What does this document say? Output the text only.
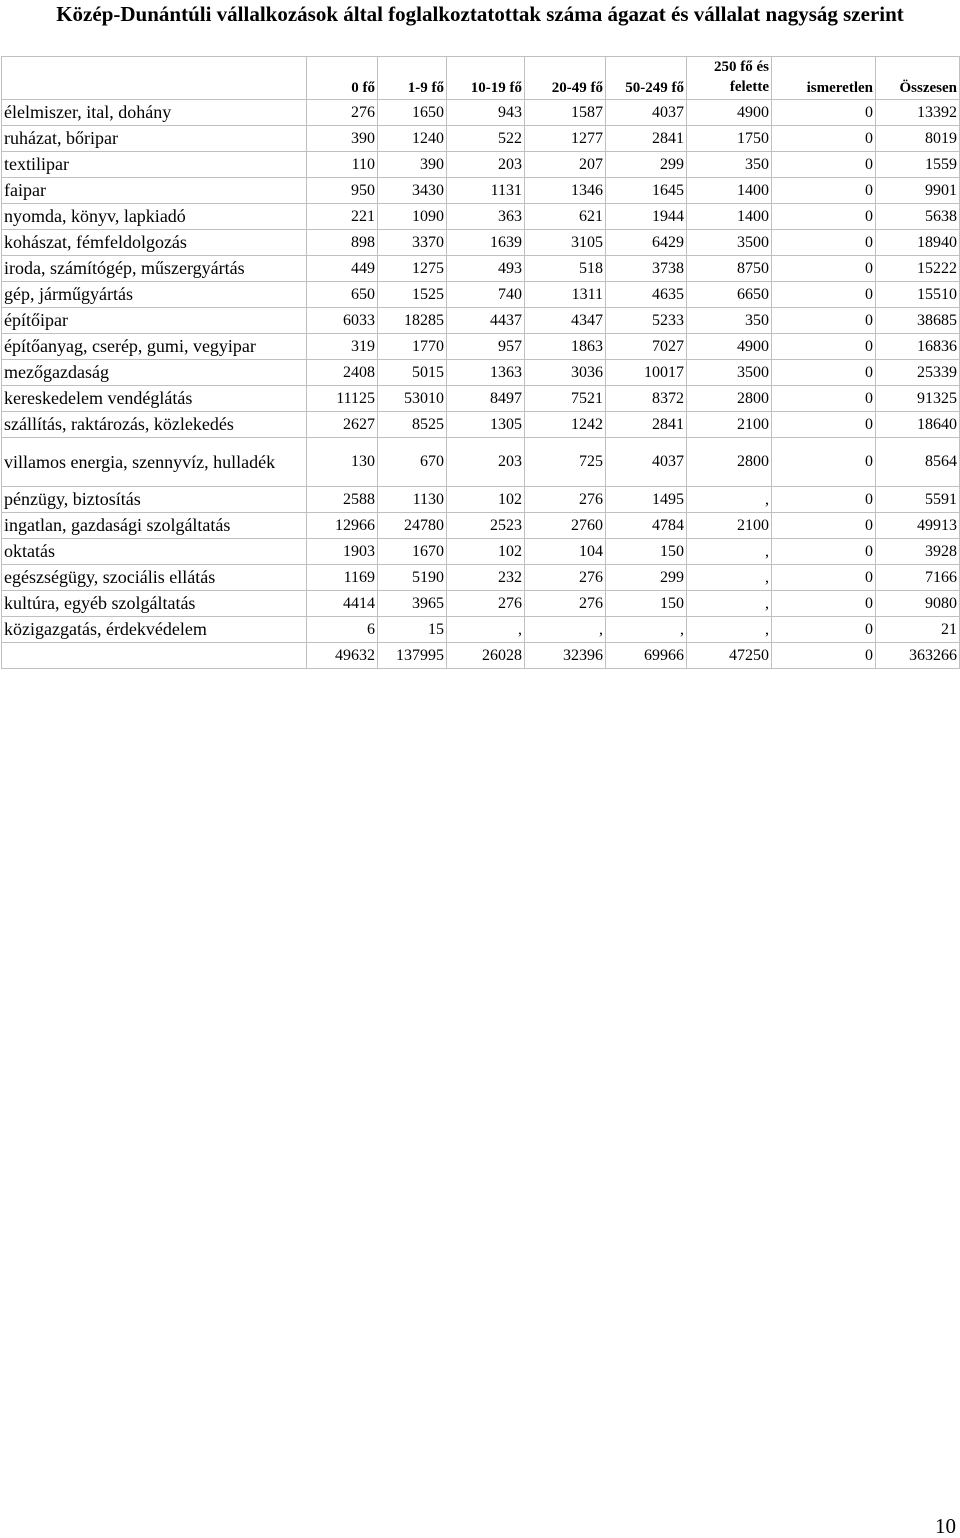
Közép-Dunántúli vállalkozások által foglalkoztatottak száma ágazat és vállalat nagyság szerint
	0 fő	1-9 fő	10-19 fő	20-49 fő	50-249 fő	250 fő és felette	ismeretlen	Összesen
élelmiszer, ital, dohány	276	1650	943	1587	4037	4900	0	13392
ruházat, bőripar	390	1240	522	1277	2841	1750	0	8019
textilipar	110	390	203	207	299	350	0	1559
faipar	950	3430	1131	1346	1645	1400	0	9901
nyomda, könyv, lapkiadó	221	1090	363	621	1944	1400	0	5638
kohászat, fémfeldolgozás	898	3370	1639	3105	6429	3500	0	18940
iroda, számítógép, műszergyártás	449	1275	493	518	3738	8750	0	15222
gép, járműgyártás	650	1525	740	1311	4635	6650	0	15510
építőipar	6033	18285	4437	4347	5233	350	0	38685
építőanyag, cserép, gumi, vegyipar	319	1770	957	1863	7027	4900	0	16836
mezőgazdaság	2408	5015	1363	3036	10017	3500	0	25339
kereskedelem vendéglátás	11125	53010	8497	7521	8372	2800	0	91325
szállítás, raktározás, közlekedés	2627	8525	1305	1242	2841	2100	0	18640
villamos energia, szennyvíz, hulladék	130	670	203	725	4037	2800	0	8564
pénzügy, biztosítás	2588	1130	102	276	1495	,	0	5591
ingatlan, gazdasági szolgáltatás	12966	24780	2523	2760	4784	2100	0	49913
oktatás	1903	1670	102	104	150	,	0	3928
egészségügy, szociális ellátás	1169	5190	232	276	299	,	0	7166
kultúra, egyéb szolgáltatás	4414	3965	276	276	150	,	0	9080
közigazgatás, érdekvédelem	6	15	,	,	,	,	0	21
	49632	137995	26028	32396	69966	47250	0	363266
10
